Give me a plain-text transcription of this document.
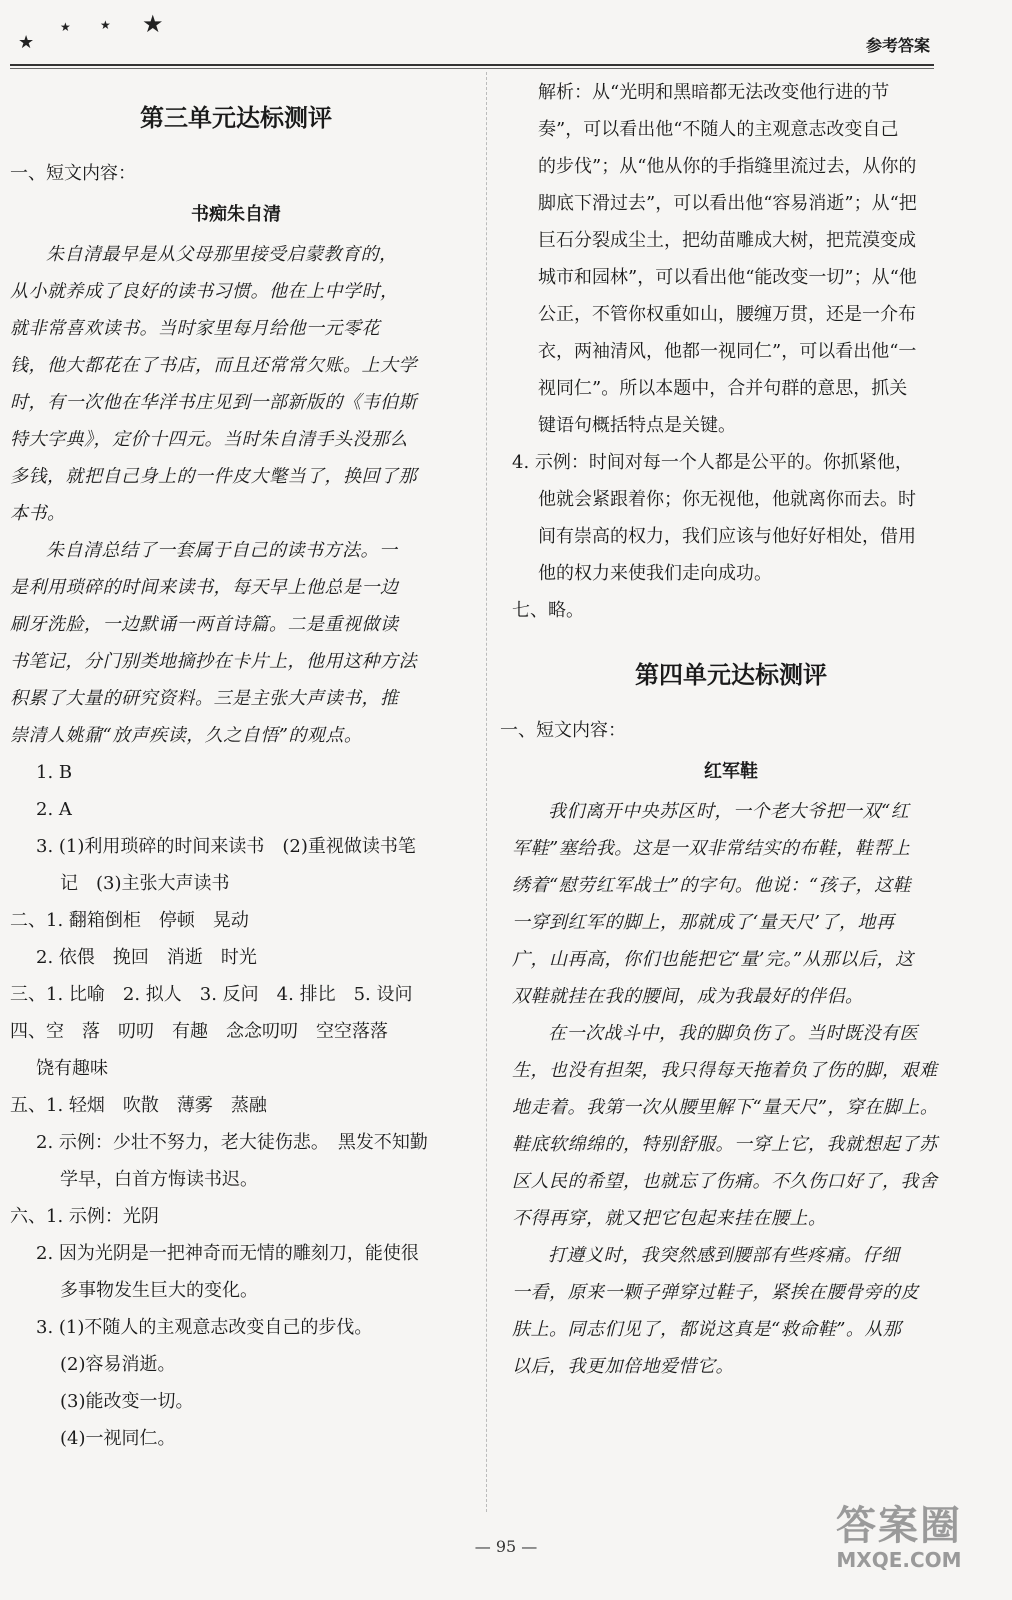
★
★ ★ ★
参考答案
第三单元达标测评
一、短文内容：
书痴朱自清
朱自清最早是从父母那里接受启蒙教育的，
从小就养成了良好的读书习惯。他在上中学时，
就非常喜欢读书。当时家里每月给他一元零花
钱，他大都花在了书店，而且还常常欠账。上大学
时，有一次他在华洋书庄见到一部新版的《韦伯斯
特大字典》，定价十四元。当时朱自清手头没那么
多钱，就把自己身上的一件皮大氅当了，换回了那
本书。
朱自清总结了一套属于自己的读书方法。一
是利用琐碎的时间来读书，每天早上他总是一边
刷牙洗脸，一边默诵一两首诗篇。二是重视做读
书笔记，分门别类地摘抄在卡片上，他用这种方法
积累了大量的研究资料。三是主张大声读书，推
崇清人姚鼐“放声疾读，久之自悟”的观点。
1. B
2. A
3. (1)利用琐碎的时间来读书　(2)重视做读书笔
记　(3)主张大声读书
二、1. 翻箱倒柜　停顿　晃动
2. 依偎　挽回　消逝　时光
三、1. 比喻　2. 拟人　3. 反问　4. 排比　5. 设问
四、空　落　叨叨　有趣　念念叨叨　空空落落
饶有趣味
五、1. 轻烟　吹散　薄雾　蒸融
2. 示例：少壮不努力，老大徒伤悲。　黑发不知勤
学早，白首方悔读书迟。
六、1. 示例：光阴
2. 因为光阴是一把神奇而无情的雕刻刀，能使很
多事物发生巨大的变化。
3. (1)不随人的主观意志改变自己的步伐。
(2)容易消逝。
(3)能改变一切。
(4)一视同仁。
解析：从“光明和黑暗都无法改变他行进的节
奏”，可以看出他“不随人的主观意志改变自己
的步伐”；从“他从你的手指缝里流过去，从你的
脚底下滑过去”，可以看出他“容易消逝”；从“把
巨石分裂成尘土，把幼苗雕成大树，把荒漠变成
城市和园林”，可以看出他“能改变一切”；从“他
公正，不管你权重如山，腰缠万贯，还是一介布
衣，两袖清风，他都一视同仁”，可以看出他“一
视同仁”。所以本题中，合并句群的意思，抓关
键语句概括特点是关键。
4. 示例：时间对每一个人都是公平的。你抓紧他，
他就会紧跟着你；你无视他，他就离你而去。时
间有崇高的权力，我们应该与他好好相处，借用
他的权力来使我们走向成功。
七、略。
第四单元达标测评
一、短文内容：
红军鞋
我们离开中央苏区时，一个老大爷把一双“红
军鞋”塞给我。这是一双非常结实的布鞋，鞋帮上
绣着“慰劳红军战士”的字句。他说：“孩子，这鞋
一穿到红军的脚上，那就成了‘量天尺’了，地再
广，山再高，你们也能把它‘量’完。”从那以后，这
双鞋就挂在我的腰间，成为我最好的伴侣。
在一次战斗中，我的脚负伤了。当时既没有医
生，也没有担架，我只得每天拖着负了伤的脚，艰难
地走着。我第一次从腰里解下“量天尺”，穿在脚上。
鞋底软绵绵的，特别舒服。一穿上它，我就想起了苏
区人民的希望，也就忘了伤痛。不久伤口好了，我舍
不得再穿，就又把它包起来挂在腰上。
打遵义时，我突然感到腰部有些疼痛。仔细
一看，原来一颗子弹穿过鞋子，紧挨在腰骨旁的皮
肤上。同志们见了，都说这真是“救命鞋”。从那
以后，我更加倍地爱惜它。
— 95 —	答案圈
MXQE.COM
